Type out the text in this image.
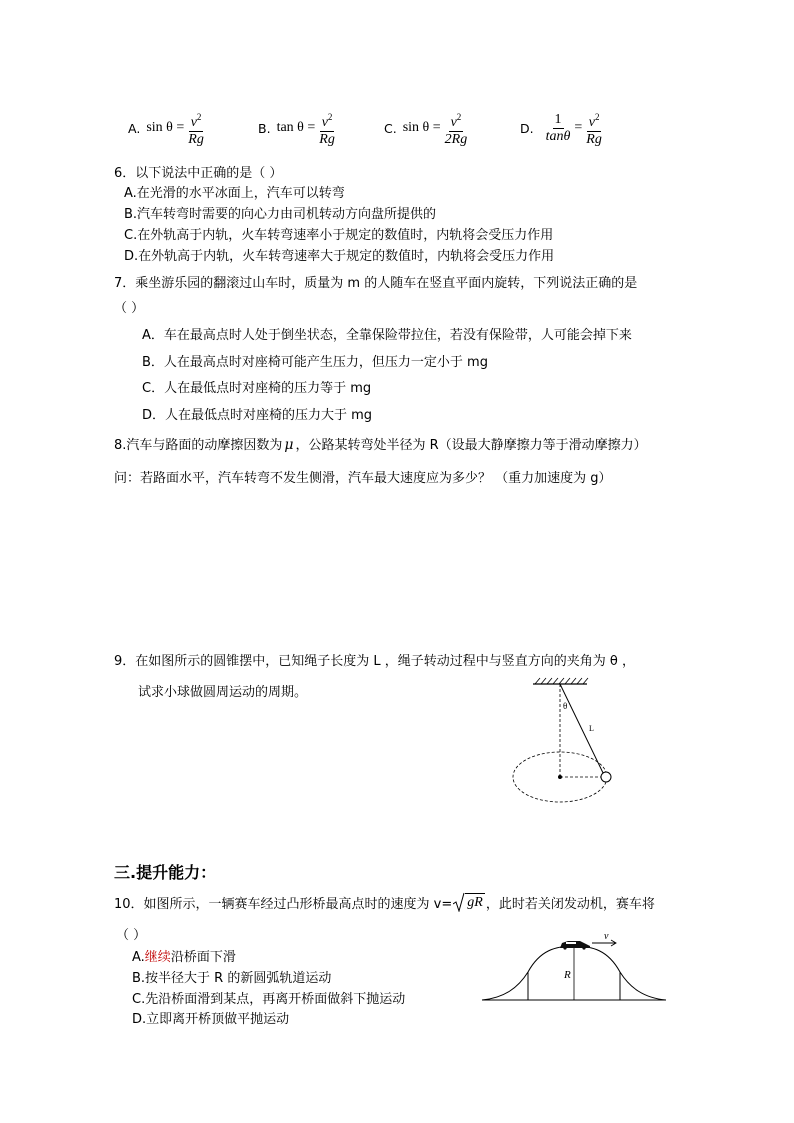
A. $\sin \theta = \frac{v^2}{Rg}$	B. $\tan \theta = \frac{v^2}{Rg}$	C. $\sin \theta = \frac{v^2}{2Rg}$	D. $\frac{1}{\tan\theta} = \frac{v^2}{Rg}$
6．以下说法中正确的是（ ）
A.在光滑的水平冰面上，汽车可以转弯
B.汽车转弯时需要的向心力由司机转动方向盘所提供的
C.在外轨高于内轨，火车转弯速率小于规定的数值时，内轨将会受压力作用
D.在外轨高于内轨，火车转弯速率大于规定的数值时，内轨将会受压力作用
7．乘坐游乐园的翻滚过山车时，质量为 m 的人随车在竖直平面内旋转，下列说法正确的是
（ ）
A．车在最高点时人处于倒坐状态，全靠保险带拉住，若没有保险带，人可能会掉下来
B．人在最高点时对座椅可能产生压力，但压力一定小于 mg
C．人在最低点时对座椅的压力等于 mg
D．人在最低点时对座椅的压力大于 mg
8.汽车与路面的动摩擦因数为 μ ，公路某转弯处半径为 R（设最大静摩擦力等于滑动摩擦力）
问：若路面水平，汽车转弯不发生侧滑，汽车最大速度应为多少？ （重力加速度为 g）
9．在如图所示的圆锥摆中，已知绳子长度为 L ，绳子转动过程中与竖直方向的夹角为 θ ，
试求小球做圆周运动的周期。
θ
L
三.提升能力：
10．如图所示，一辆赛车经过凸形桥最高点时的速度为 v= gR ，此时若关闭发动机，赛车将
（ ）
A.继续沿桥面下滑
B.按半径大于 R 的新圆弧轨道运动
C.先沿桥面滑到某点，再离开桥面做斜下抛运动
D.立即离开桥顶做平抛运动
v
R
